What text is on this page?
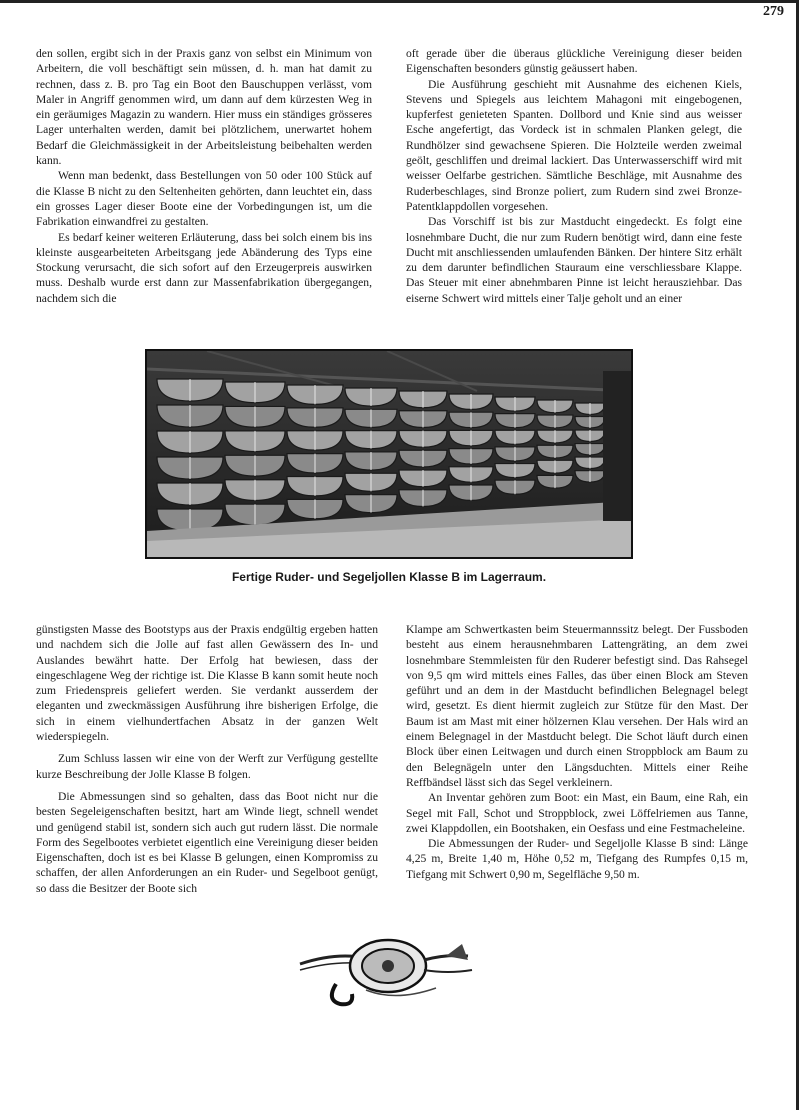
279

den sollen, ergibt sich in der Praxis ganz von selbst ein Minimum von Arbeitern, die voll beschäftigt sein müssen, d. h. man hat damit zu rechnen, dass z. B. pro Tag ein Boot den Bauschuppen verlässt, vom Maler in Angriff genommen wird, um dann auf dem kürzesten Weg in ein geräumiges Magazin zu wandern. Hier muss ein ständiges grösseres Lager unterhalten werden, damit bei plötzlichem, unerwartet hohem Bedarf die Gleichmässigkeit in der Arbeitsleistung beibehalten werden kann.

Wenn man bedenkt, dass Bestellungen von 50 oder 100 Stück auf die Klasse B nicht zu den Seltenheiten gehörten, dann leuchtet ein, dass ein grosses Lager dieser Boote eine der Vorbedingungen ist, um die Fabrikation einwandfrei zu gestalten.

Es bedarf keiner weiteren Erläuterung, dass bei solch einem bis ins kleinste ausgearbeiteten Arbeitsgang jede Abänderung des Typs eine Stockung verursacht, die sich sofort auf den Erzeugerpreis auswirken muss. Deshalb wurde erst dann zur Massenfabrikation übergegangen, nachdem sich die

oft gerade über die überaus glückliche Vereinigung dieser beiden Eigenschaften besonders günstig geäussert haben.

Die Ausführung geschieht mit Ausnahme des eichenen Kiels, Stevens und Spiegels aus leichtem Mahagoni mit eingebogenen, kupferfest genieteten Spanten. Dollbord und Knie sind aus weisser Esche angefertigt, das Vordeck ist in schmalen Planken gelegt, die Rundhölzer sind gewachsene Spieren. Die Holzteile werden zweimal geölt, geschliffen und dreimal lackiert. Das Unterwasserschiff wird mit weisser Oelfarbe gestrichen. Sämtliche Beschläge, mit Ausnahme des Ruderbeschlages, sind Bronze poliert, zum Rudern sind zwei Bronze-Patentklappdollen vorgesehen.

Das Vorschiff ist bis zur Mastducht eingedeckt. Es folgt eine losnehmbare Ducht, die nur zum Rudern benötigt wird, dann eine feste Ducht mit anschliessenden umlaufenden Bänken. Der hintere Sitz erhält zu dem darunter befindlichen Stauraum eine verschliessbare Klappe. Das Steuer mit einer abnehmbaren Pinne ist leicht herausziehbar. Das eiserne Schwert wird mittels einer Talje geholt und an einer

Fertige Ruder- und Segeljollen Klasse B im Lagerraum.

günstigsten Masse des Bootstyps aus der Praxis endgültig ergeben hatten und nachdem sich die Jolle auf fast allen Gewässern des In- und Auslandes bewährt hatte. Der Erfolg hat bewiesen, dass der eingeschlagene Weg der richtige ist. Die Klasse B kann somit heute noch zum Friedenspreis geliefert werden. Sie verdankt ausserdem der eleganten und zweckmässigen Ausführung ihre bisherigen Erfolge, die sich in einem vielhundertfachen Absatz in der ganzen Welt wiederspiegeln.

Zum Schluss lassen wir eine von der Werft zur Verfügung gestellte kurze Beschreibung der Jolle Klasse B folgen.

Die Abmessungen sind so gehalten, dass das Boot nicht nur die besten Segeleigenschaften besitzt, hart am Winde liegt, schnell wendet und genügend stabil ist, sondern sich auch gut rudern lässt. Die normale Form des Segelbootes verbietet eigentlich eine Vereinigung dieser beiden Eigenschaften, doch ist es bei Klasse B gelungen, einen Kompromiss zu schaffen, der allen Anforderungen an ein Ruder- und Segelboot genügt, so dass die Besitzer der Boote sich

Klampe am Schwertkasten beim Steuermannssitz belegt. Der Fussboden besteht aus einem herausnehmbaren Lattengräting, an dem zwei losnehmbare Stemmleisten für den Ruderer befestigt sind. Das Rahsegel von 9,5 qm wird mittels eines Falles, das über einen Block am Steven geführt und an dem in der Mastducht befindlichen Belegnagel belegt wird, gesetzt. Es dient hiermit zugleich zur Stütze für den Mast. Der Baum ist am Mast mit einer hölzernen Klau versehen. Der Hals wird an einem Belegnagel in der Mastducht belegt. Die Schot läuft durch einen Block über einen Leitwagen und durch einen Stroppblock am Baum zu den Belegnägeln unter den Längsduchten. Mittels einer Reihe Reffbändsel lässt sich das Segel verkleinern.

An Inventar gehören zum Boot: ein Mast, ein Baum, eine Rah, ein Segel mit Fall, Schot und Stroppblock, zwei Löffelriemen aus Tanne, zwei Klappdollen, ein Bootshaken, ein Oesfass und eine Festmacheleine.

Die Abmessungen der Ruder- und Segeljolle Klasse B sind: Länge 4,25 m, Breite 1,40 m, Höhe 0,52 m, Tiefgang des Rumpfes 0,15 m, Tiefgang mit Schwert 0,90 m, Segelfläche 9,50 m.
